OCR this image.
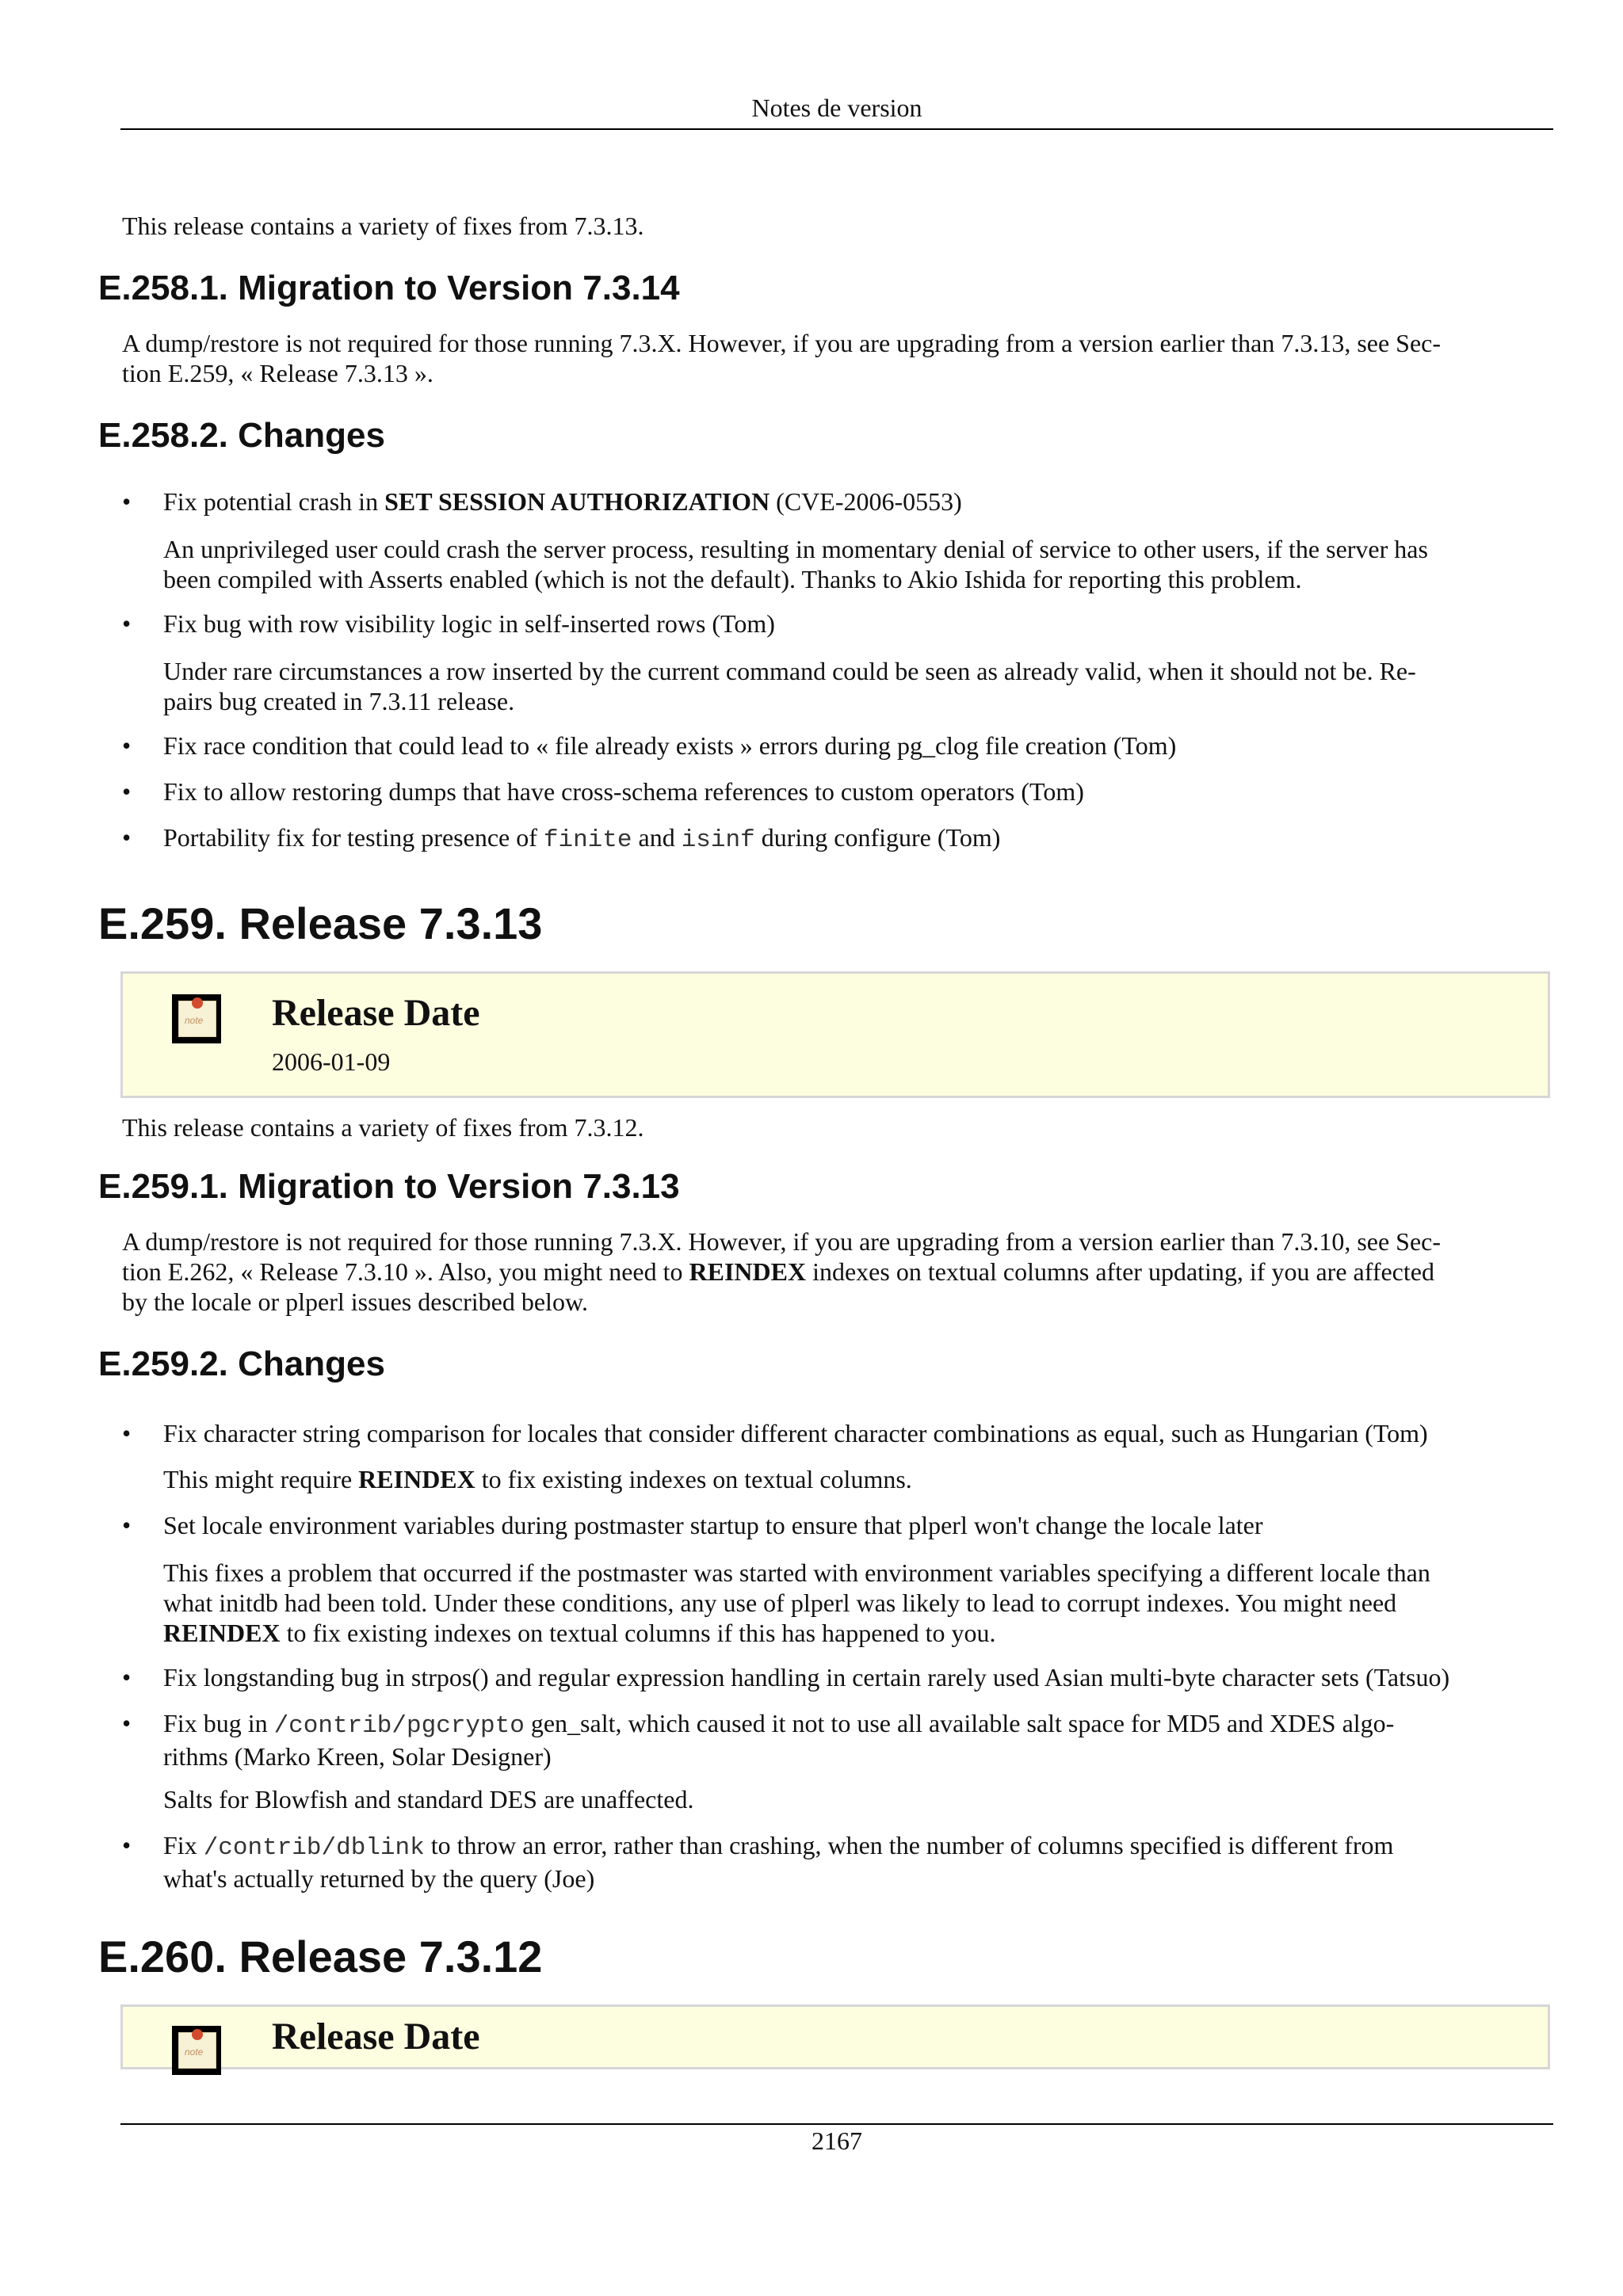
Notes de version
This release contains a variety of fixes from 7.3.13.
E.258.1. Migration to Version 7.3.14
A dump/restore is not required for those running 7.3.X. However, if you are upgrading from a version earlier than 7.3.13, see Sec-
tion E.259, « Release 7.3.13 ».
E.258.2. Changes
•	Fix potential crash in SET SESSION AUTHORIZATION (CVE-2006-0553)
An unprivileged user could crash the server process, resulting in momentary denial of service to other users, if the server has
been compiled with Asserts enabled (which is not the default). Thanks to Akio Ishida for reporting this problem.
•	Fix bug with row visibility logic in self-inserted rows (Tom)
Under rare circumstances a row inserted by the current command could be seen as already valid, when it should not be. Re-
pairs bug created in 7.3.11 release.
•	Fix race condition that could lead to « file already exists » errors during pg_clog file creation (Tom)
•	Fix to allow restoring dumps that have cross-schema references to custom operators (Tom)
•	Portability fix for testing presence of finite and isinf during configure (Tom)
E.259. Release 7.3.13
note Release Date
2006-01-09
This release contains a variety of fixes from 7.3.12.
E.259.1. Migration to Version 7.3.13
A dump/restore is not required for those running 7.3.X. However, if you are upgrading from a version earlier than 7.3.10, see Sec-
tion E.262, « Release 7.3.10 ». Also, you might need to REINDEX indexes on textual columns after updating, if you are affected
by the locale or plperl issues described below.
E.259.2. Changes
•	Fix character string comparison for locales that consider different character combinations as equal, such as Hungarian (Tom)
This might require REINDEX to fix existing indexes on textual columns.
•	Set locale environment variables during postmaster startup to ensure that plperl won't change the locale later
This fixes a problem that occurred if the postmaster was started with environment variables specifying a different locale than
what initdb had been told. Under these conditions, any use of plperl was likely to lead to corrupt indexes. You might need
REINDEX to fix existing indexes on textual columns if this has happened to you.
•	Fix longstanding bug in strpos() and regular expression handling in certain rarely used Asian multi-byte character sets (Tatsuo)
•	Fix bug in /contrib/pgcrypto gen_salt, which caused it not to use all available salt space for MD5 and XDES algo-
rithms (Marko Kreen, Solar Designer)
Salts for Blowfish and standard DES are unaffected.
•	Fix /contrib/dblink to throw an error, rather than crashing, when the number of columns specified is different from
what's actually returned by the query (Joe)
E.260. Release 7.3.12
note Release Date
2167
